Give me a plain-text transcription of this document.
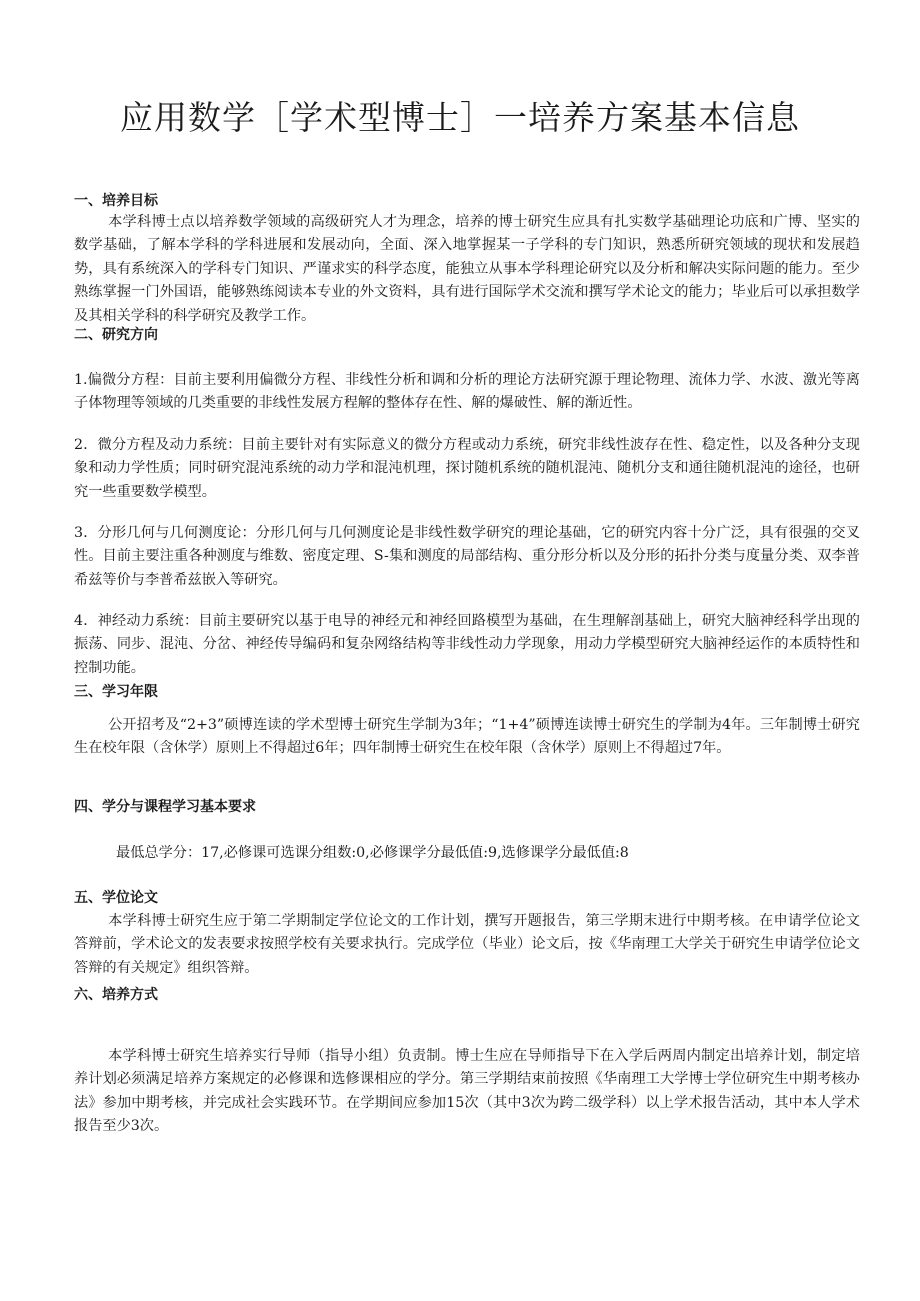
应用数学［学术型博士］一培养方案基本信息
一、培养目标

本学科博士点以培养数学领域的高级研究人才为理念，培养的博士研究生应具有扎实数学基础理论功底和广博、坚实的数学基础，了解本学科的学科进展和发展动向，全面、深入地掌握某一子学科的专门知识，熟悉所研究领域的现状和发展趋势，具有系统深入的学科专门知识、严谨求实的科学态度，能独立从事本学科理论研究以及分析和解决实际问题的能力。至少熟练掌握一门外国语，能够熟练阅读本专业的外文资料，具有进行国际学术交流和撰写学术论文的能力；毕业后可以承担数学及其相关学科的科学研究及教学工作。

二、研究方向

1.偏微分方程：目前主要利用偏微分方程、非线性分析和调和分析的理论方法研究源于理论物理、流体力学、水波、激光等离子体物理等领域的几类重要的非线性发展方程解的整体存在性、解的爆破性、解的渐近性。

2．微分方程及动力系统：目前主要针对有实际意义的微分方程或动力系统，研究非线性波存在性、稳定性，以及各种分支现象和动力学性质；同时研究混沌系统的动力学和混沌机理，探讨随机系统的随机混沌、随机分支和通往随机混沌的途径，也研究一些重要数学模型。

3．分形几何与几何测度论：分形几何与几何测度论是非线性数学研究的理论基础，它的研究内容十分广泛，具有很强的交叉性。目前主要注重各种测度与维数、密度定理、S-集和测度的局部结构、重分形分析以及分形的拓扑分类与度量分类、双李普希兹等价与李普希兹嵌入等研究。

4．神经动力系统：目前主要研究以基于电导的神经元和神经回路模型为基础，在生理解剖基础上，研究大脑神经科学出现的振荡、同步、混沌、分岔、神经传导编码和复杂网络结构等非线性动力学现象，用动力学模型研究大脑神经运作的本质特性和控制功能。

三、学习年限

公开招考及“2+3”硕博连读的学术型博士研究生学制为3年；“1+4”硕博连读博士研究生的学制为4年。三年制博士研究生在校年限（含休学）原则上不得超过6年；四年制博士研究生在校年限（含休学）原则上不得超过7年。

四、学分与课程学习基本要求

最低总学分：17,必修课可选课分组数:0,必修课学分最低值:9,选修课学分最低值:8

五、学位论文

本学科博士研究生应于第二学期制定学位论文的工作计划，撰写开题报告，第三学期末进行中期考核。在申请学位论文答辩前，学术论文的发表要求按照学校有关要求执行。完成学位（毕业）论文后，按《华南理工大学关于研究生申请学位论文答辩的有关规定》组织答辩。

六、培养方式

本学科博士研究生培养实行导师（指导小组）负责制。博士生应在导师指导下在入学后两周内制定出培养计划，制定培养计划必须满足培养方案规定的必修课和选修课相应的学分。第三学期结束前按照《华南理工大学博士学位研究生中期考核办法》参加中期考核，并完成社会实践环节。在学期间应参加15次（其中3次为跨二级学科）以上学术报告活动，其中本人学术报告至少3次。
